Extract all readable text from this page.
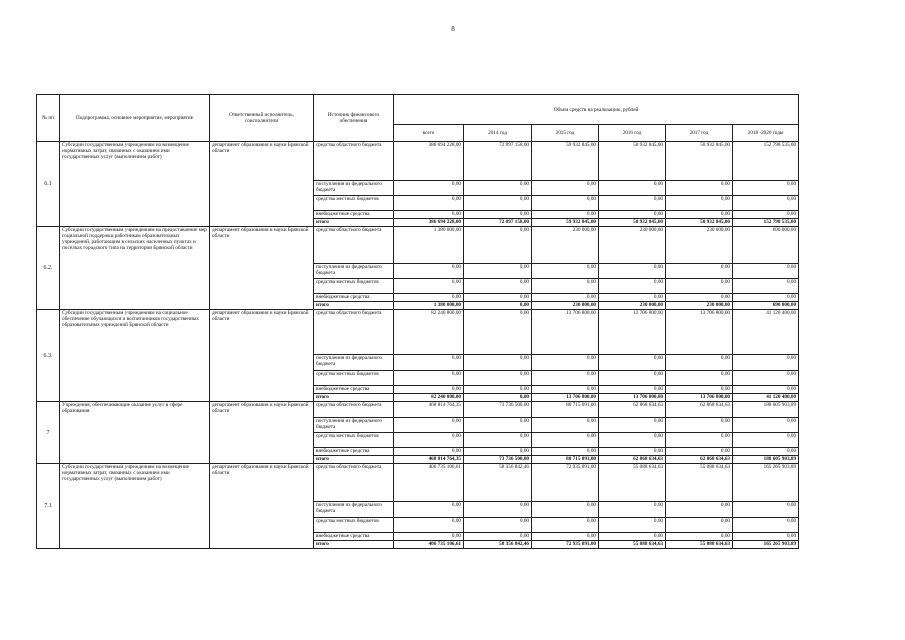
8
№ пп	Подпрограмма, основное мероприятие, мероприятие	Ответственный исполнитель, соисполнители	Источник финансового обеспечения	Объем средств на реализацию, рублей					
				всего	2014 год	2015 год	2016 год	2017 год	2018 -2020 годы
6.1	Субсидии государственным учреждениям на возмещение нормативных затрат, связанных с оказанием ими государственных услуг (выполнением работ)	департамент образования и науки Брянской области	средства областного бюджета	386 694 228,00	72 097 158,00	59 932 845,00	50 932 845,00	50 932 845,00	152 798 535,00
			поступления из федерального бюджета	0,00	0,00	0,00	0,00	0,00	0,00
			средства местных бюджетов	0,00	0,00	0,00	0,00	0,00	0,00
			внебюджетные средства	0,00	0,00	0,00	0,00	0,00	0,00
			итого	386 694 228,00	72 097 158,00	59 932 845,00	50 932 845,00	50 932 845,00	152 798 535,00
6.2.	Субсидии государственным учреждениям на предоставление мер социальной поддержки работникам образовательных учреждений, работающим в сельских населенных пунктах и поселках городского типа на территории Брянской области	департамент образования и науки Брянской области	средства областного бюджета	1 380 000,00	0,00	230 000,00	230 000,00	230 000,00	690 000,00
			поступления из федерального бюджета	0,00	0,00	0,00	0,00	0,00	0,00
			средства местных бюджетов	0,00	0,00	0,00	0,00	0,00	0,00
			внебюджетные средства	0,00	0,00	0,00	0,00	0,00	0,00
			итого	1 380 000,00	0,00	230 000,00	230 000,00	230 000,00	690 000,00
6.3.	Субсидии государственным учреждениям на социальное обеспечение обучающихся и воспитанников государственных образовательных учреждений Брянской области	департамент образования и науки Брянской области	средства областного бюджета	82 240 800,00	0,00	13 706 800,00	13 706 800,00	13 706 800,00	41 120 400,00
			поступления из федерального бюджета	0,00	0,00	0,00	0,00	0,00	0,00
			средства местных бюджетов	0,00	0,00	0,00	0,00	0,00	0,00
			внебюджетные средства	0,00	0,00	0,00	0,00	0,00	0,00
			итого	82 240 800,00	0,00	13 706 800,00	13 706 800,00	13 706 800,00	41 120 400,00
7	Учреждения, обеспечивающие оказание услуг в сфере образования	департамент образования и науки Брянской области	средства областного бюджета	468 814 764,35	73 736 500,00	80 715 091,00	62 868 634,63	62 868 634,63	188 605 903,89
			поступления из федерального бюджета	0,00	0,00	0,00	0,00	0,00	0,00
			средства местных бюджетов	0,00	0,00	0,00	0,00	0,00	0,00
			внебюджетные средства	0,00	0,00	0,00	0,00	0,00	0,00
			итого	468 814 764,35	73 736 500,00	80 715 091,00	62 868 634,63	62 868 634,63	188 605 903,89
7.1	Субсидии государственным учреждениям на возмещение нормативных затрат, связанных с оказанием ими государственных услуг (выполнением работ)	департамент образования и науки Брянской области	средства областного бюджета	406 735 106,61	58 356 842,46	72 935 091,00	55 088 634,63	55 088 634,63	165 265 903,89
			поступления из федерального бюджета	0,00	0,00	0,00	0,00	0,00	0,00
			средства местных бюджетов	0,00	0,00	0,00	0,00	0,00	0,00
			внебюджетные средства	0,00	0,00	0,00	0,00	0,00	0,00
			итого	406 735 106,61	58 356 842,46	72 935 091,00	55 088 634,63	55 088 634,63	165 265 903,89
